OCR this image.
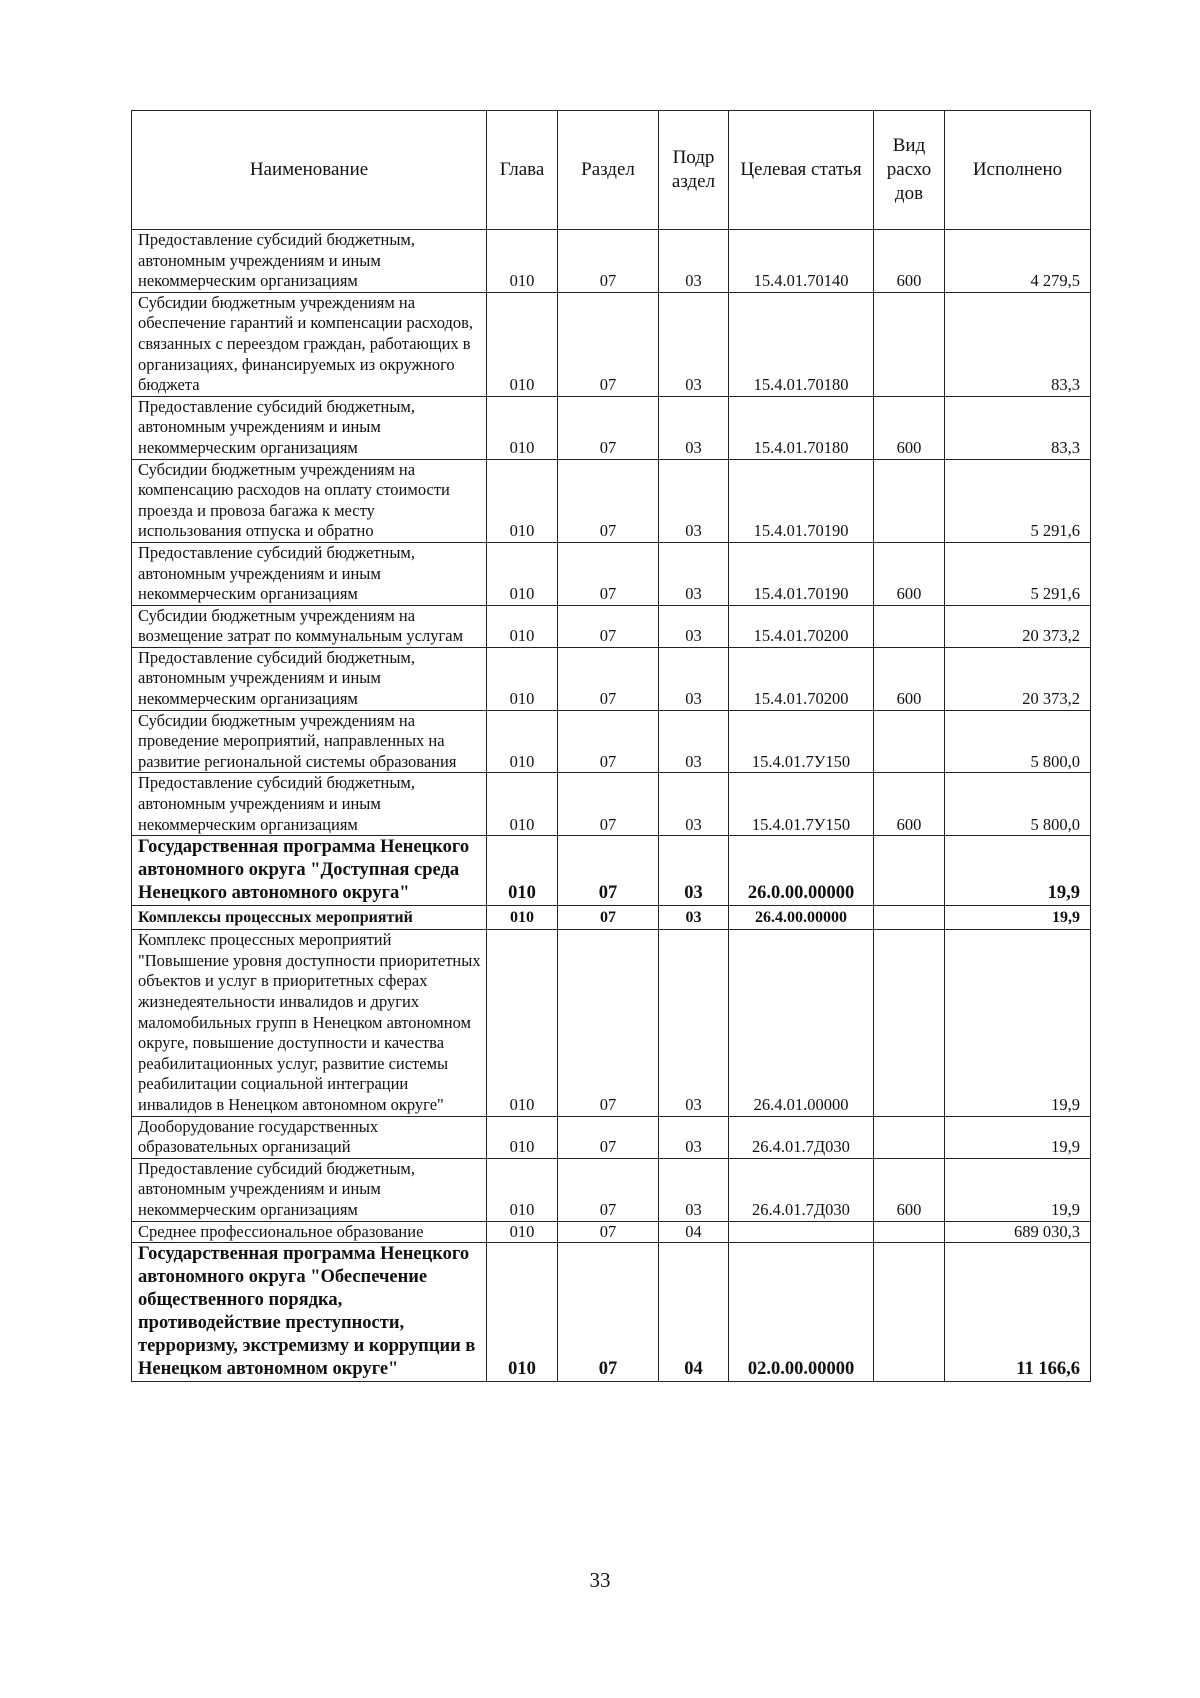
Наименование	Глава	Раздел	Подр аздел	Целевая статья	Вид расхо дов	Исполнено
Предоставление субсидий бюджетным, автономным учреждениям и иным некоммерческим организациям	010	07	03	15.4.01.70140	600	4 279,5
Субсидии бюджетным учреждениям на обеспечение гарантий и компенсации расходов, связанных с переездом граждан, работающих в организациях, финансируемых из окружного бюджета	010	07	03	15.4.01.70180		83,3
Предоставление субсидий бюджетным, автономным учреждениям и иным некоммерческим организациям	010	07	03	15.4.01.70180	600	83,3
Субсидии бюджетным учреждениям на компенсацию расходов на оплату стоимости проезда и провоза багажа к месту использования отпуска и обратно	010	07	03	15.4.01.70190		5 291,6
Предоставление субсидий бюджетным, автономным учреждениям и иным некоммерческим организациям	010	07	03	15.4.01.70190	600	5 291,6
Субсидии бюджетным учреждениям на возмещение затрат по коммунальным услугам	010	07	03	15.4.01.70200		20 373,2
Предоставление субсидий бюджетным, автономным учреждениям и иным некоммерческим организациям	010	07	03	15.4.01.70200	600	20 373,2
Субсидии бюджетным учреждениям на проведение мероприятий, направленных на развитие региональной системы образования	010	07	03	15.4.01.7У150		5 800,0
Предоставление субсидий бюджетным, автономным учреждениям и иным некоммерческим организациям	010	07	03	15.4.01.7У150	600	5 800,0
Государственная программа Ненецкого автономного округа "Доступная среда Ненецкого автономного округа"	010	07	03	26.0.00.00000		19,9
Комплексы процессных мероприятий	010	07	03	26.4.00.00000		19,9
Комплекс процессных мероприятий "Повышение уровня доступности приоритетных объектов и услуг в приоритетных сферах жизнедеятельности инвалидов и других маломобильных групп в Ненецком автономном округе, повышение доступности и качества реабилитационных услуг, развитие системы реабилитации социальной интеграции инвалидов в Ненецком автономном округе"	010	07	03	26.4.01.00000		19,9
Дооборудование государственных образовательных организаций	010	07	03	26.4.01.7Д030		19,9
Предоставление субсидий бюджетным, автономным учреждениям и иным некоммерческим организациям	010	07	03	26.4.01.7Д030	600	19,9
Среднее профессиональное образование	010	07	04			689 030,3
Государственная программа Ненецкого автономного округа "Обеспечение общественного порядка, противодействие преступности, терроризму, экстремизму и коррупции в Ненецком автономном округе"	010	07	04	02.0.00.00000		11 166,6
33
